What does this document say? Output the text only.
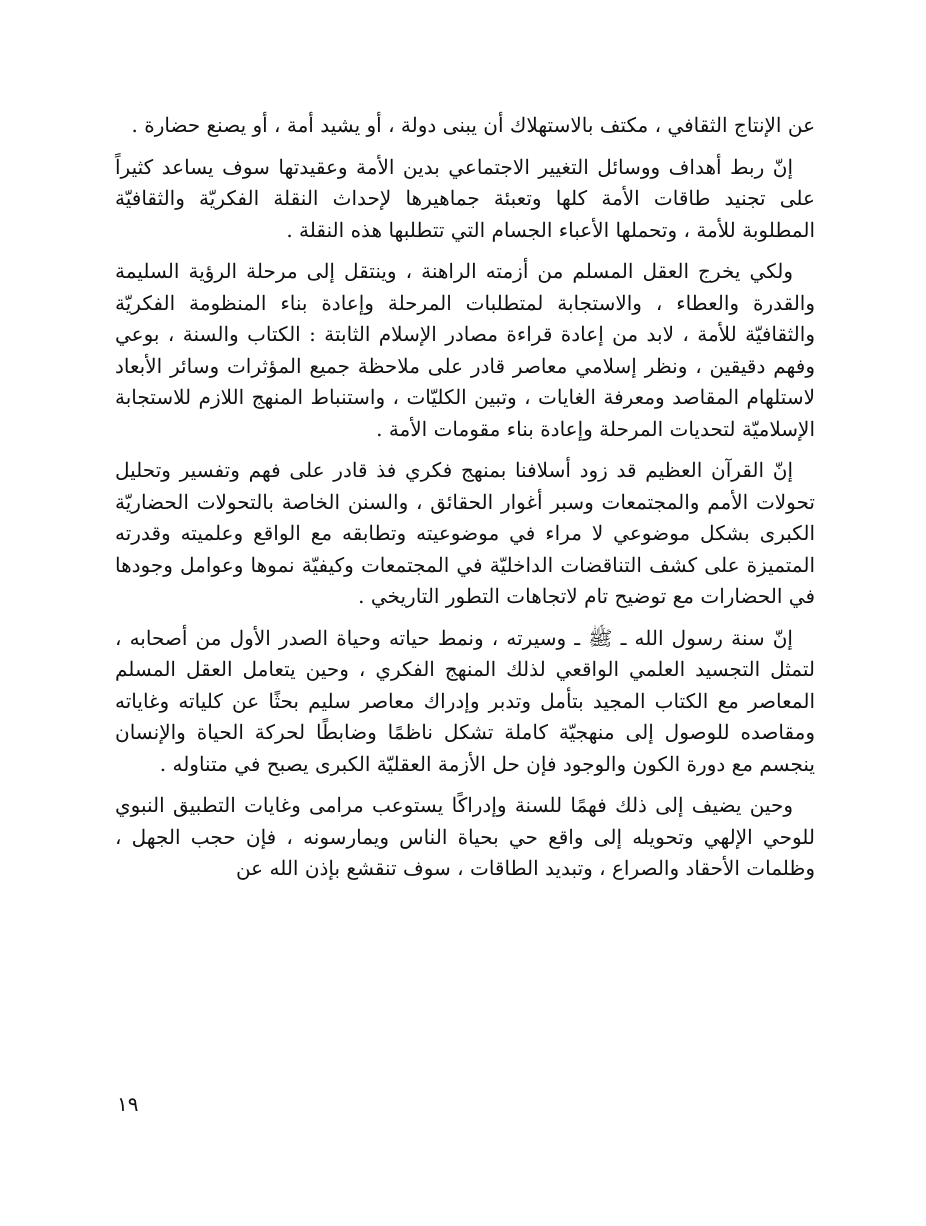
عن الإنتاج الثقافي ، مكتف بالاستهلاك أن يبنى دولة ، أو يشيد أمة ، أو يصنع حضارة .

إنّ ربط أهداف ووسائل التغيير الاجتماعي بدين الأمة وعقيدتها سوف يساعد كثيراً على تجنيد طاقات الأمة كلها وتعبئة جماهيرها لإحداث النقلة الفكريّة والثقافيّة المطلوبة للأمة ، وتحملها الأعباء الجسام التي تتطلبها هذه النقلة .

ولكي يخرج العقل المسلم من أزمته الراهنة ، وينتقل إلى مرحلة الرؤية السليمة والقدرة والعطاء ، والاستجابة لمتطلبات المرحلة وإعادة بناء المنظومة الفكريّة والثقافيّة للأمة ، لابد من إعادة قراءة مصادر الإسلام الثابتة : الكتاب والسنة ، بوعي وفهم دقيقين ، ونظر إسلامي معاصر قادر على ملاحظة جميع المؤثرات وسائر الأبعاد لاستلهام المقاصد ومعرفة الغايات ، وتبين الكليّات ، واستنباط المنهج اللازم للاستجابة الإسلاميّة لتحديات المرحلة وإعادة بناء مقومات الأمة .

إنّ القرآن العظيم قد زود أسلافنا بمنهج فكري فذ قادر على فهم وتفسير وتحليل تحولات الأمم والمجتمعات وسبر أغوار الحقائق ، والسنن الخاصة بالتحولات الحضاريّة الكبرى بشكل موضوعي لا مراء في موضوعيته وتطابقه مع الواقع وعلميته وقدرته المتميزة على كشف التناقضات الداخليّة في المجتمعات وكيفيّة نموها وعوامل وجودها في الحضارات مع توضيح تام لاتجاهات التطور التاريخي .

إنّ سنة رسول الله ـ ﷺ ـ وسيرته ، ونمط حياته وحياة الصدر الأول من أصحابه ، لتمثل التجسيد العلمي الواقعي لذلك المنهج الفكري ، وحين يتعامل العقل المسلم المعاصر مع الكتاب المجيد بتأمل وتدبر وإدراك معاصر سليم بحثًا عن كلياته وغاياته ومقاصده للوصول إلى منهجيّة كاملة تشكل ناظمًا وضابطًا لحركة الحياة والإنسان ينجسم مع دورة الكون والوجود فإن حل الأزمة العقليّة الكبرى يصبح في متناوله .

وحين يضيف إلى ذلك فهمًا للسنة وإدراكًا يستوعب مرامى وغايات التطبيق النبوي للوحي الإلهي وتحويله إلى واقع حي بحياة الناس ويمارسونه ، فإن حجب الجهل ، وظلمات الأحقاد والصراع ، وتبديد الطاقات ، سوف تنقشع بإذن الله عن

١٩
